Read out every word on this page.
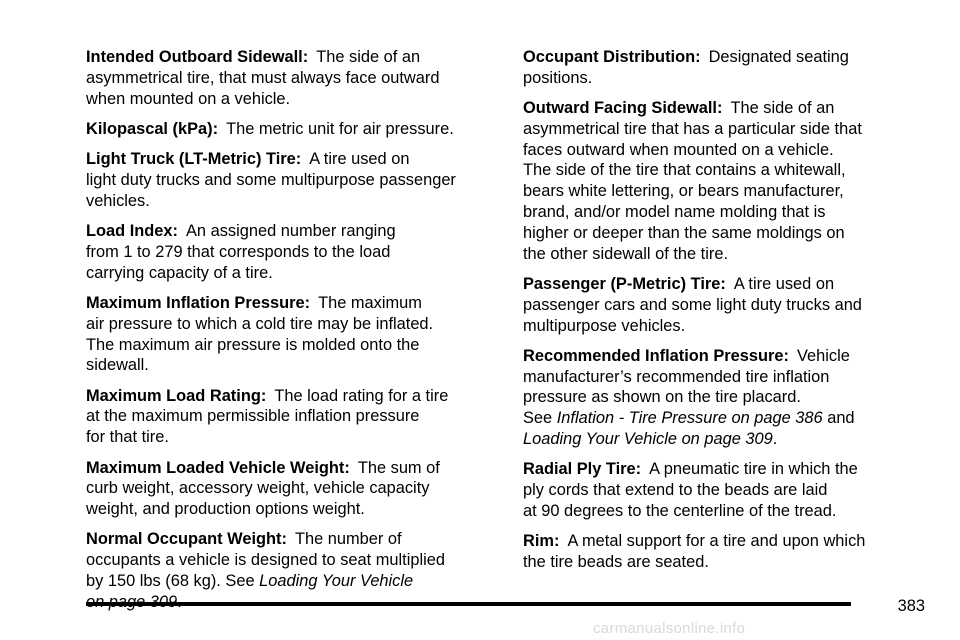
Intended Outboard Sidewall: The side of an
asymmetrical tire, that must always face outward
when mounted on a vehicle.
Kilopascal (kPa): The metric unit for air pressure.
Light Truck (LT-Metric) Tire: A tire used on
light duty trucks and some multipurpose passenger
vehicles.
Load Index: An assigned number ranging
from 1 to 279 that corresponds to the load
carrying capacity of a tire.
Maximum Inflation Pressure: The maximum
air pressure to which a cold tire may be inflated.
The maximum air pressure is molded onto the
sidewall.
Maximum Load Rating: The load rating for a tire
at the maximum permissible inflation pressure
for that tire.
Maximum Loaded Vehicle Weight: The sum of
curb weight, accessory weight, vehicle capacity
weight, and production options weight.
Normal Occupant Weight: The number of
occupants a vehicle is designed to seat multiplied
by 150 lbs (68 kg). See Loading Your Vehicle

Occupant Distribution: Designated seating
positions.
Outward Facing Sidewall: The side of an
asymmetrical tire that has a particular side that
faces outward when mounted on a vehicle.
The side of the tire that contains a whitewall,
bears white lettering, or bears manufacturer,
brand, and/or model name molding that is
higher or deeper than the same moldings on
the other sidewall of the tire.
Passenger (P-Metric) Tire: A tire used on
passenger cars and some light duty trucks and
multipurpose vehicles.
Recommended Inflation Pressure: Vehicle
manufacturer’s recommended tire inflation
pressure as shown on the tire placard.
See Inflation - Tire Pressure on page 386 and
Loading Your Vehicle on page 309.
Radial Ply Tire: A pneumatic tire in which the
ply cords that extend to the beads are laid
at 90 degrees to the centerline of the tread.
Rim: A metal support for a tire and upon which
the tire beads are seated.
383
carmanualsonline.info
